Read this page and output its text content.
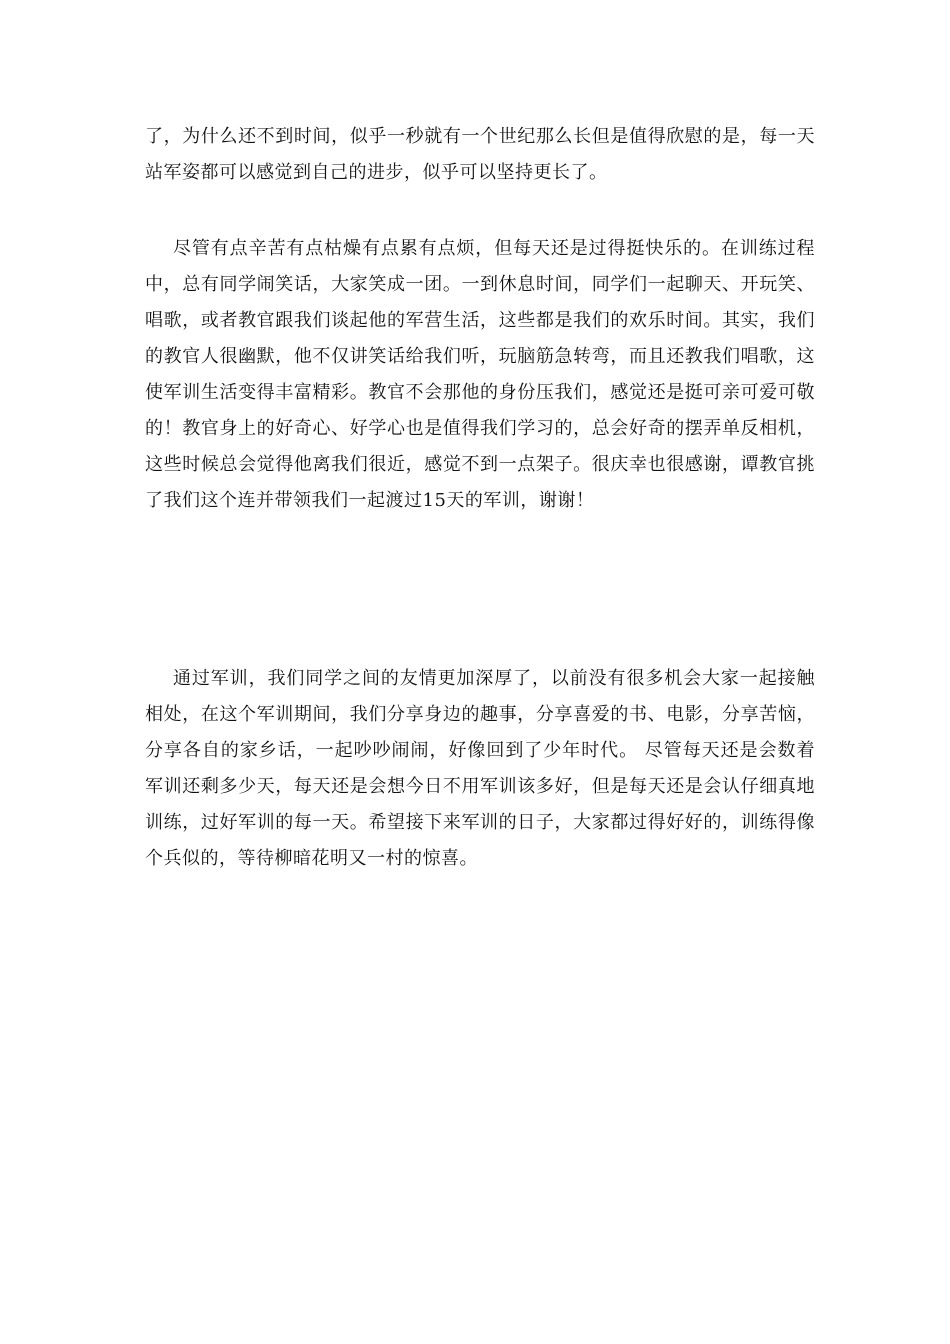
了，为什么还不到时间，似乎一秒就有一个世纪那么长但是值得欣慰的是，每一天站军姿都可以感觉到自己的进步，似乎可以坚持更长了。

尽管有点辛苦有点枯燥有点累有点烦，但每天还是过得挺快乐的。在训练过程中，总有同学闹笑话，大家笑成一团。一到休息时间，同学们一起聊天、开玩笑、唱歌，或者教官跟我们谈起他的军营生活，这些都是我们的欢乐时间。其实，我们的教官人很幽默，他不仅讲笑话给我们听，玩脑筋急转弯，而且还教我们唱歌，这使军训生活变得丰富精彩。教官不会那他的身份压我们，感觉还是挺可亲可爱可敬的！教官身上的好奇心、好学心也是值得我们学习的，总会好奇的摆弄单反相机，这些时候总会觉得他离我们很近，感觉不到一点架子。很庆幸也很感谢，谭教官挑了我们这个连并带领我们一起渡过15天的军训，谢谢！

通过军训，我们同学之间的友情更加深厚了，以前没有很多机会大家一起接触相处，在这个军训期间，我们分享身边的趣事，分享喜爱的书、电影，分享苦恼，分享各自的家乡话，一起吵吵闹闹，好像回到了少年时代。 尽管每天还是会数着军训还剩多少天，每天还是会想今日不用军训该多好，但是每天还是会认仔细真地训练，过好军训的每一天。希望接下来军训的日子，大家都过得好好的，训练得像个兵似的，等待柳暗花明又一村的惊喜。
